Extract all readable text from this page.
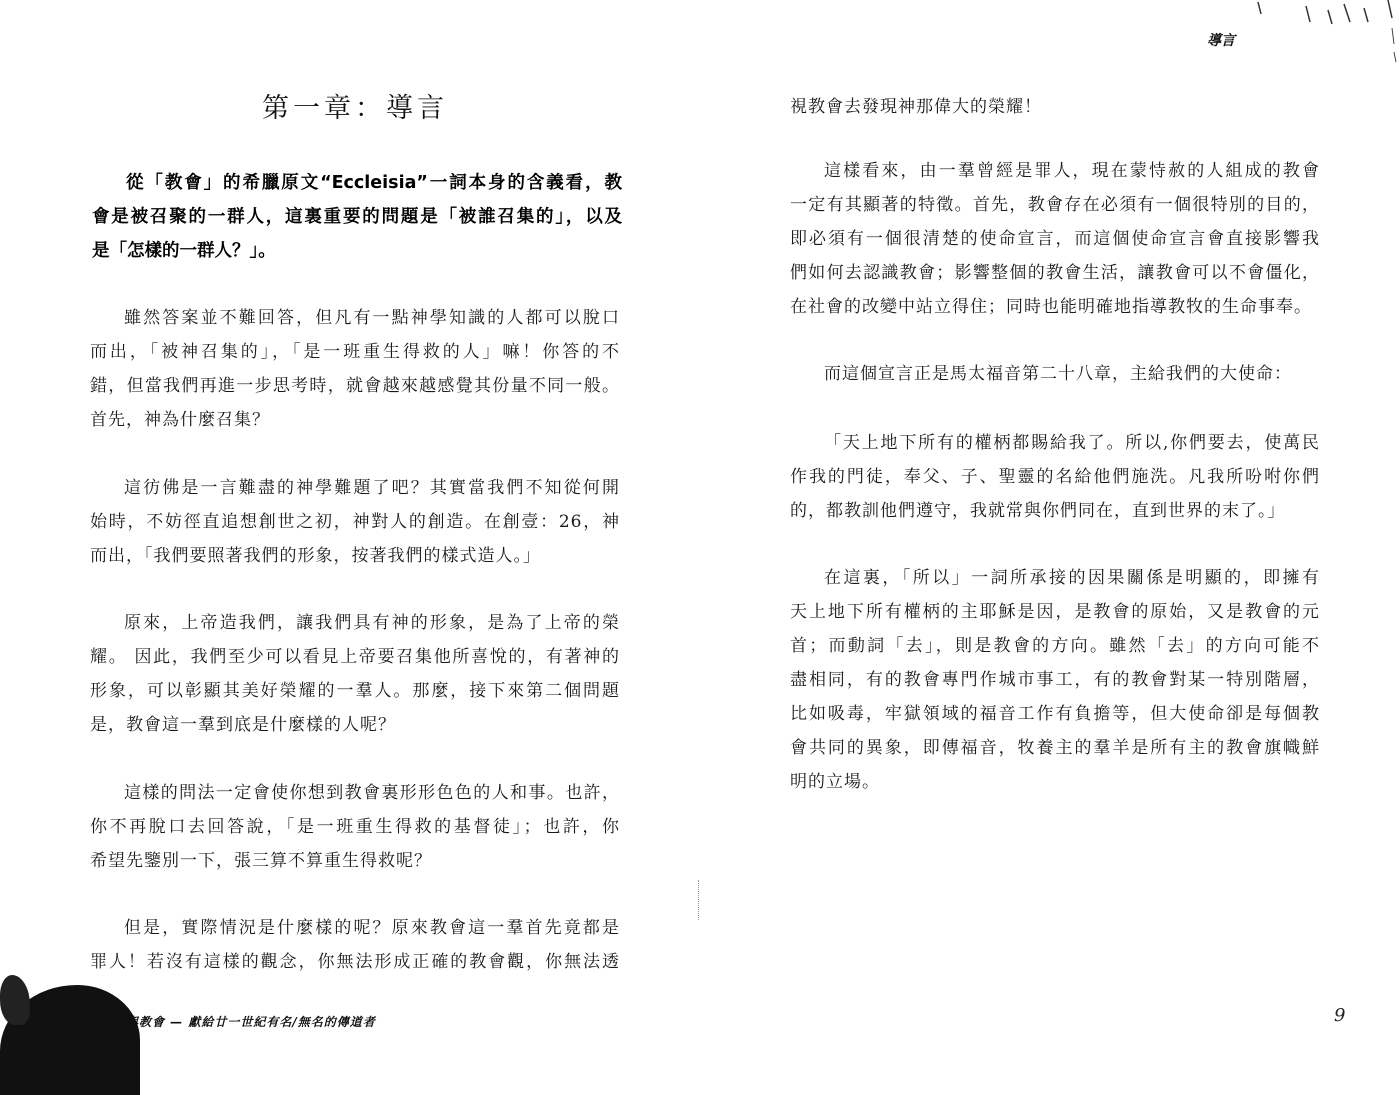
第一章：導言
從「教會」的希臘原文“Eccleisia”一詞本身的含義看，教
會是被召聚的一群人，這裏重要的問題是「被誰召集的」，以及
是「怎樣的一群人？」。
雖然答案並不難回答，但凡有一點神學知識的人都可以脫口
而出，「被神召集的」，「是一班重生得救的人」嘛！你答的不
錯，但當我們再進一步思考時，就會越來越感覺其份量不同一般。
首先，神為什麼召集？
這彷佛是一言難盡的神學難題了吧？其實當我們不知從何開
始時，不妨徑直追想創世之初，神對人的創造。在創壹：26，神
而出，「我們要照著我們的形象，按著我們的樣式造人。」
原來，上帝造我們，讓我們具有神的形象，是為了上帝的榮
耀。 因此，我們至少可以看見上帝要召集他所喜悅的，有著神的
形象，可以彰顯其美好榮耀的一羣人。那麼，接下來第二個問題
是，教會這一羣到底是什麼樣的人呢？
這樣的問法一定會使你想到教會裏形形色色的人和事。也許，
你不再脫口去回答說，「是一班重生得救的基督徒」；也許，你
希望先鑒別一下，張三算不算重生得救呢？
但是，實際情況是什麼樣的呢？原來教會這一羣首先竟都是
罪人！若沒有這樣的觀念，你無法形成正確的教會觀，你無法透
與教會 — 獻給廿一世紀有名/無名的傳道者
導言
視教會去發現神那偉大的榮耀！
這樣看來，由一羣曾經是罪人，現在蒙恃赦的人組成的教會
一定有其顯著的特徵。首先，教會存在必須有一個很特別的目的，
即必須有一個很清楚的使命宣言，而這個使命宣言會直接影響我
們如何去認識教會；影響整個的教會生活，讓教會可以不會僵化，
在社會的改變中站立得住；同時也能明確地指導教牧的生命事奉。
而這個宣言正是馬太福音第二十八章，主給我們的大使命：
「天上地下所有的權柄都賜給我了。所以,你們要去，使萬民
作我的門徒，奉父、子、聖靈的名給他們施洗。凡我所吩咐你們
的，都教訓他們遵守，我就常與你們同在，直到世界的末了。」
在這裏，「所以」一詞所承接的因果關係是明顯的，即擁有
天上地下所有權柄的主耶穌是因，是教會的原始，又是教會的元
首；而動詞「去」，則是教會的方向。雖然「去」的方向可能不
盡相同，有的教會專門作城市事工，有的教會對某一特別階層，
比如吸毒，牢獄領域的福音工作有負擔等，但大使命卻是每個教
會共同的異象，即傳福音，牧養主的羣羊是所有主的教會旗幟鮮
明的立場。
9
